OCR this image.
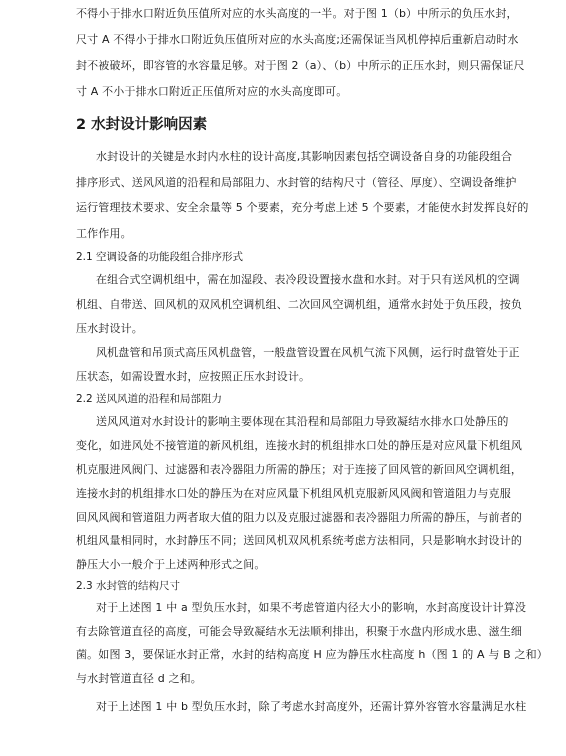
不得小于排水口附近负压值所对应的水头高度的一半。对于图 1（b）中所示的负压水封，
尺寸 A 不得小于排水口附近负压值所对应的水头高度;还需保证当风机停掉后重新启动时水
封不被破坏，即容管的水容量足够。对于图 2（a）、（b）中所示的正压水封，则只需保证尺
寸 A 不小于排水口附近正压值所对应的水头高度即可。
2 水封设计影响因素
水封设计的关键是水封内水柱的设计高度,其影响因素包括空调设备自身的功能段组合
排序形式、送风风道的沿程和局部阻力、水封管的结构尺寸（管径、厚度）、空调设备维护
运行管理技术要求、安全余量等 5 个要素，充分考虑上述 5 个要素，才能使水封发挥良好的
工作作用。
2.1 空调设备的功能段组合排序形式
在组合式空调机组中，需在加湿段、表冷段设置接水盘和水封。对于只有送风机的空调
机组、自带送、回风机的双风机空调机组、二次回风空调机组，通常水封处于负压段，按负
压水封设计。
风机盘管和吊顶式高压风机盘管，一般盘管设置在风机气流下风侧，运行时盘管处于正
压状态，如需设置水封，应按照正压水封设计。
2.2 送风风道的沿程和局部阻力
送风风道对水封设计的影响主要体现在其沿程和局部阻力导致凝结水排水口处静压的
变化，如进风处不接管道的新风机组，连接水封的机组排水口处的静压是对应风量下机组风
机克服进风阀门、过滤器和表冷器阻力所需的静压；对于连接了回风管的新回风空调机组，
连接水封的机组排水口处的静压为在对应风量下机组风机克服新风风阀和管道阻力与克服
回风风阀和管道阻力两者取大值的阻力以及克服过滤器和表冷器阻力所需的静压，与前者的
机组风量相同时，水封静压不同；送回风机双风机系统考虑方法相同，只是影响水封设计的
静压大小一般介于上述两种形式之间。
2.3 水封管的结构尺寸
对于上述图 1 中 a 型负压水封，如果不考虑管道内径大小的影响，水封高度设计计算没
有去除管道直径的高度，可能会导致凝结水无法顺利排出，积聚于水盘内形成水患、滋生细
菌。如图 3，要保证水封正常，水封的结构高度 H 应为静压水柱高度 h（图 1 的 A 与 B 之和）
与水封管道直径 d 之和。
对于上述图 1 中 b 型负压水封，除了考虑水封高度外，还需计算外容管水容量满足水柱
